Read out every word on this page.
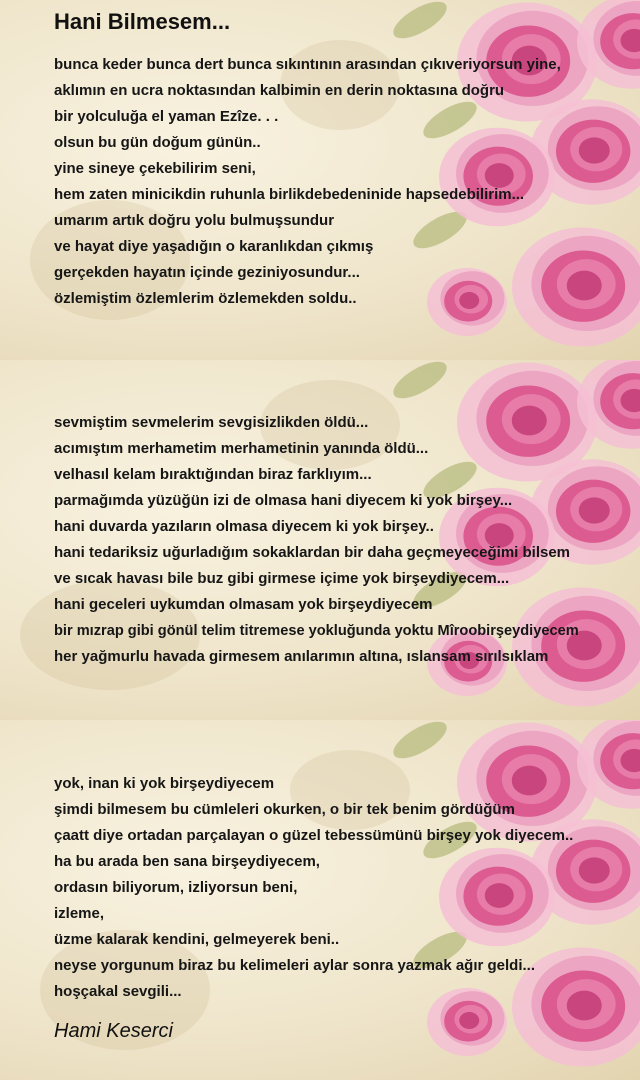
Hani Bilmesem...
bunca keder bunca dert bunca sıkıntının arasından çıkıveriyorsun yine,
aklımın en ucra noktasından kalbimin en derin noktasına doğru
bir yolculuğa el yaman Ezîze. . .
olsun bu gün doğum günün..
yine sineye çekebilirim seni,
hem zaten minicikdin ruhunla birlikdebedeninide hapsedebilirim...
umarım artık doğru yolu bulmuşsundur
ve hayat diye yaşadığın o karanlıkdan çıkmış
gerçekden hayatın içinde geziniyosundur...
özlemiştim özlemlerim özlemekden soldu..
sevmiştim sevmelerim sevgisizlikden öldü...
acımıştım merhametim merhametinin yanında öldü...
velhasıl kelam bıraktığından biraz farklıyım...
parmağımda yüzüğün izi de olmasa hani diyecem ki yok birşey...
hani duvarda yazıların olmasa diyecem ki yok birşey..
hani tedariksiz uğurladığım sokaklardan bir daha geçmeyeceğimi bilsem
ve sıcak havası bile buz gibi girmese içime yok birşeydiyecem...
hani geceleri uykumdan olmasam yok birşeydiyecem
bir mızrap gibi gönül telim titremese yokluğunda yoktu Mîroobirşeydiyecem
her yağmurlu havada girmesem anılarımın altına, ıslansam sırılsıklam
yok, inan ki yok birşeydiyecem
şimdi bilmesem bu cümleleri okurken, o bir tek benim gördüğüm
çaatt diye ortadan parçalayan o güzel tebessümünü birşey yok diyecem..
ha bu arada ben sana birşeydiyecem,
ordasın biliyorum, izliyorsun beni,
izleme,
üzme kalarak kendini, gelmeyerek beni..
neyse yorgunum biraz bu kelimeleri aylar sonra yazmak ağır geldi...
hoşçakal sevgili...
Hami Keserci
